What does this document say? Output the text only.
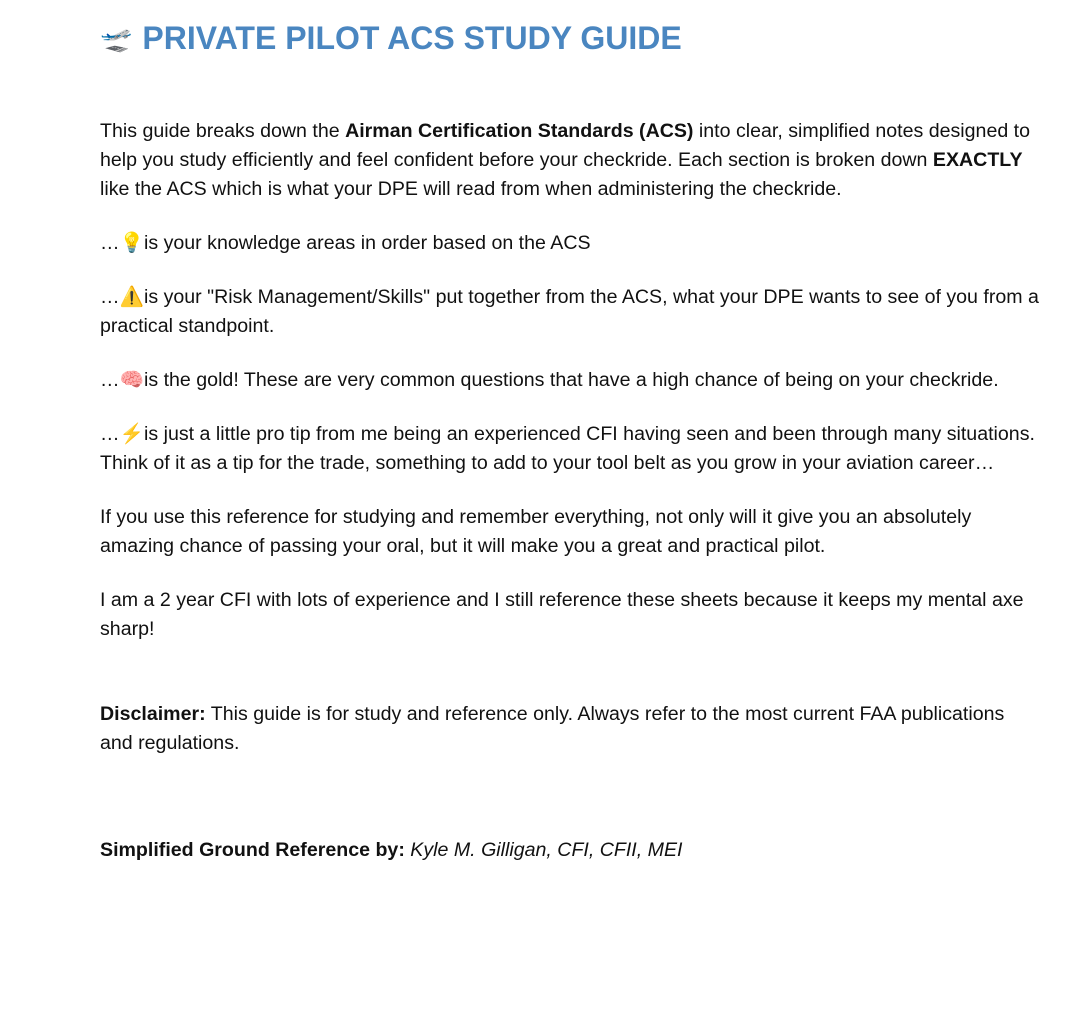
🛫 PRIVATE PILOT ACS STUDY GUIDE

This guide breaks down the Airman Certification Standards (ACS) into clear, simplified notes designed to help you study efficiently and feel confident before your checkride. Each section is broken down EXACTLY like the ACS which is what your DPE will read from when administering the checkride.

…💡is your knowledge areas in order based on the ACS

…⚠️is your "Risk Management/Skills" put together from the ACS, what your DPE wants to see of you from a practical standpoint.

…🧠is the gold! These are very common questions that have a high chance of being on your checkride.

…⚡is just a little pro tip from me being an experienced CFI having seen and been through many situations. Think of it as a tip for the trade, something to add to your tool belt as you grow in your aviation career…

If you use this reference for studying and remember everything, not only will it give you an absolutely amazing chance of passing your oral, but it will make you a great and practical pilot.

I am a 2 year CFI with lots of experience and I still reference these sheets because it keeps my mental axe sharp!

Disclaimer: This guide is for study and reference only. Always refer to the most current FAA publications and regulations.

Simplified Ground Reference by: Kyle M. Gilligan, CFI, CFII, MEI
